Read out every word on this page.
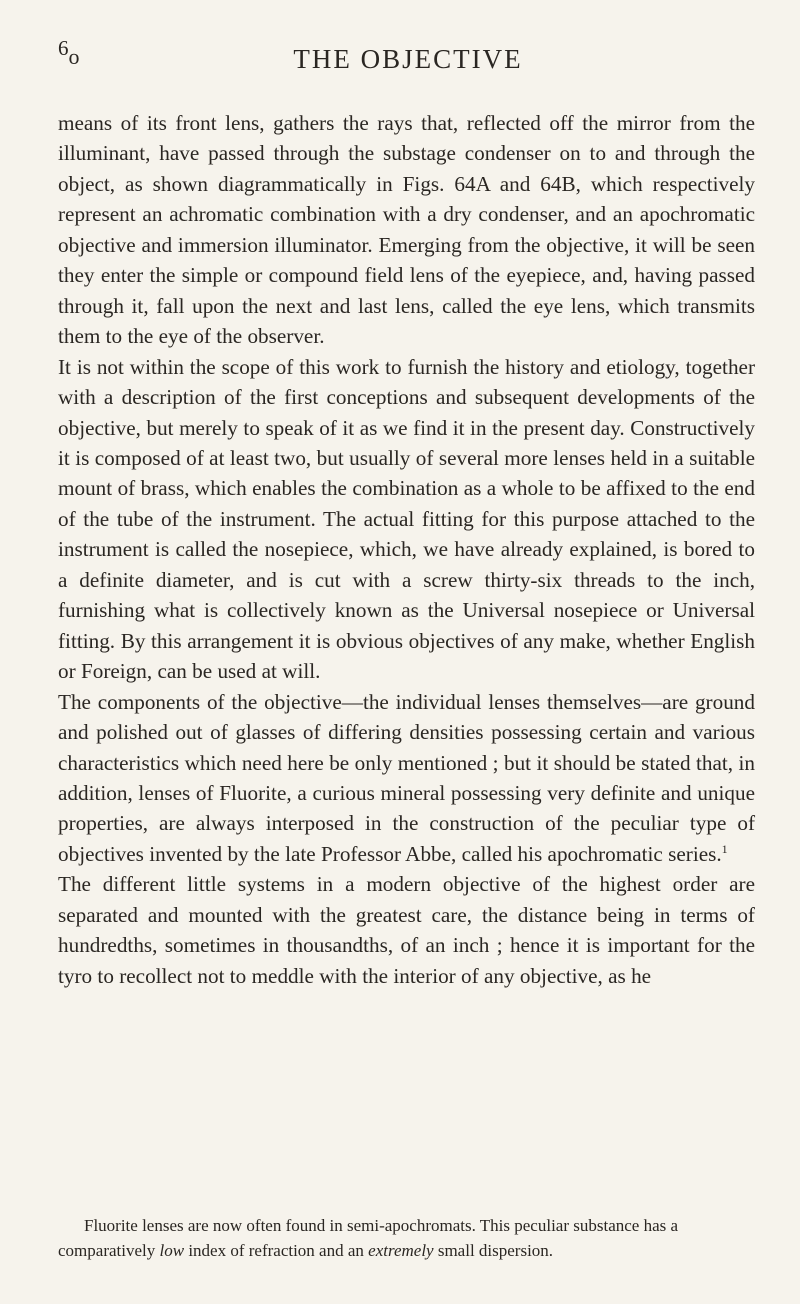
6o	THE OBJECTIVE

means of its front lens, gathers the rays that, reflected off the mirror from the illuminant, have passed through the substage condenser on to and through the object, as shown diagrammatically in Figs. 64A and 64B, which respectively represent an achromatic combination with a dry condenser, and an apochromatic objective and immersion illuminator. Emerging from the objective, it will be seen they enter the simple or compound field lens of the eyepiece, and, having passed through it, fall upon the next and last lens, called the eye lens, which transmits them to the eye of the observer.

It is not within the scope of this work to furnish the history and etiology, together with a description of the first conceptions and subsequent developments of the objective, but merely to speak of it as we find it in the present day. Constructively it is composed of at least two, but usually of several more lenses held in a suitable mount of brass, which enables the combination as a whole to be affixed to the end of the tube of the instrument. The actual fitting for this purpose attached to the instrument is called the nosepiece, which, we have already explained, is bored to a definite diameter, and is cut with a screw thirty-six threads to the inch, furnishing what is collectively known as the Universal nosepiece or Universal fitting. By this arrangement it is obvious objectives of any make, whether English or Foreign, can be used at will.

The components of the objective—the individual lenses themselves—are ground and polished out of glasses of differing densities possessing certain and various characteristics which need here be only mentioned ; but it should be stated that, in addition, lenses of Fluorite, a curious mineral possessing very definite and unique properties, are always interposed in the construction of the peculiar type of objectives invented by the late Professor Abbe, called his apochromatic series.$^1$

The different little systems in a modern objective of the highest order are separated and mounted with the greatest care, the distance being in terms of hundredths, sometimes in thousandths, of an inch ; hence it is important for the tyro to recollect not to meddle with the interior of any objective, as he

Fluorite lenses are now often found in semi-apochromats. This peculiar substance has a comparatively low index of refraction and an extremely small dispersion.
